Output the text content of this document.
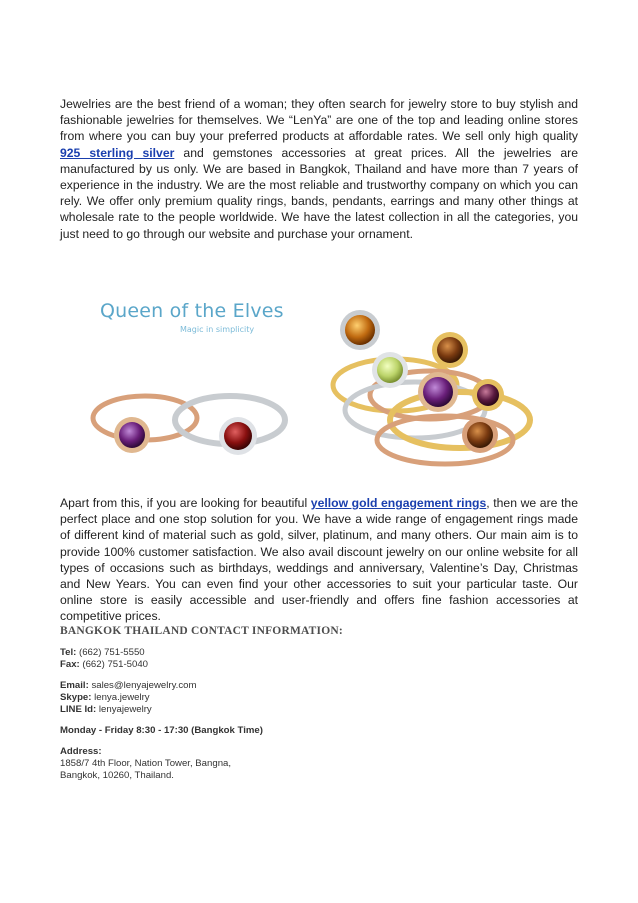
Jewelries are the best friend of a woman; they often search for jewelry store to buy stylish and fashionable jewelries for themselves. We “LenYa” are one of the top and leading online stores from where you can buy your preferred products at affordable rates. We sell only high quality 925 sterling silver and gemstones accessories at great prices. All the jewelries are manufactured by us only. We are based in Bangkok, Thailand and have more than 7 years of experience in the industry. We are the most reliable and trustworthy company on which you can rely. We offer only premium quality rings, bands, pendants, earrings and many other things at wholesale rate to the people worldwide. We have the latest collection in all the categories, you just need to go through our website and purchase your ornament.

Queen of the Elves
Magic in simplicity

Apart from this, if you are looking for beautiful yellow gold engagement rings, then we are the perfect place and one stop solution for you. We have a wide range of engagement rings made of different kind of material such as gold, silver, platinum, and many others. Our main aim is to provide 100% customer satisfaction. We also avail discount jewelry on our online website for all types of occasions such as birthdays, weddings and anniversary, Valentine’s Day, Christmas and New Years. You can even find your other accessories to suit your particular taste. Our online store is easily accessible and user-friendly and offers fine fashion accessories at competitive prices.

BANGKOK THAILAND CONTACT INFORMATION:
Tel: (662) 751-5550
Fax: (662) 751-5040
Email: sales@lenyajewelry.com
Skype: lenya.jewelry
LINE Id: lenyajewelry
Monday - Friday 8:30 - 17:30 (Bangkok Time)
Address:
1858/7 4th Floor, Nation Tower, Bangna,
Bangkok, 10260, Thailand.
